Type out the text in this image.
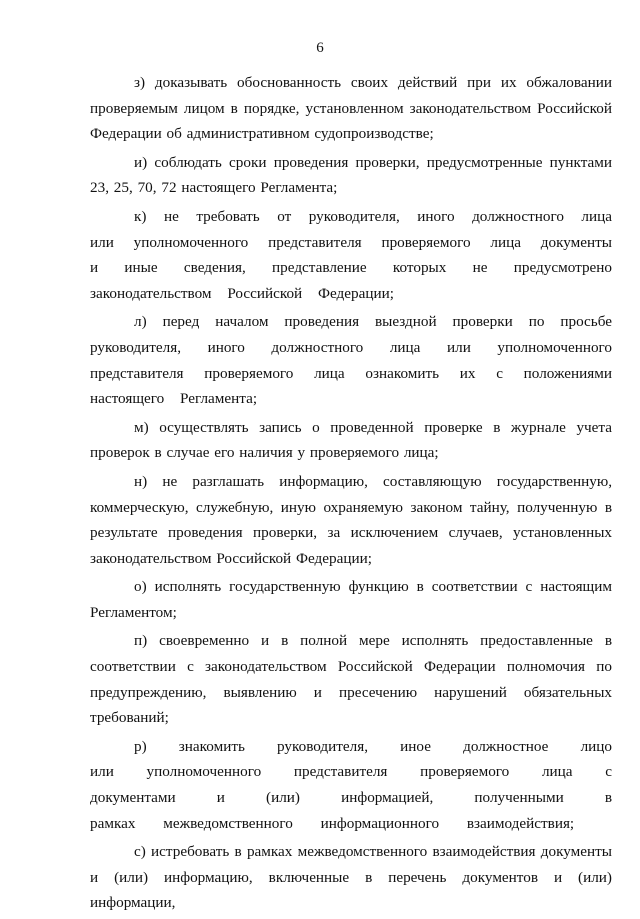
6

з) доказывать обоснованность своих действий при их обжаловании проверяемым лицом в порядке, установленном законодательством Российской Федерации об административном судопроизводстве;

и) соблюдать сроки проведения проверки, предусмотренные пунктами 23, 25, 70, 72 настоящего Регламента;

к) не требовать от руководителя, иного должностного лица или уполномоченного представителя проверяемого лица документы и иные сведения, представление которых не предусмотрено законодательством Российской Федерации;

л) перед началом проведения выездной проверки по просьбе руководителя, иного должностного лица или уполномоченного представителя проверяемого лица ознакомить их с положениями настоящего Регламента;

м) осуществлять запись о проведенной проверке в журнале учета проверок в случае его наличия у проверяемого лица;

н) не разглашать информацию, составляющую государственную, коммерческую, служебную, иную охраняемую законом тайну, полученную в результате проведения проверки, за исключением случаев, установленных законодательством Российской Федерации;

о) исполнять государственную функцию в соответствии с настоящим Регламентом;

п) своевременно и в полной мере исполнять предоставленные в соответствии с законодательством Российской Федерации полномочия по предупреждению, выявлению и пресечению нарушений обязательных требований;

р) знакомить руководителя, иное должностное лицо или уполномоченного представителя проверяемого лица с документами и (или) информацией, полученными в рамках межведомственного информационного взаимодействия;

с) истребовать в рамках межведомственного взаимодействия документы и (или) информацию, включенные в перечень документов и (или) информации,
